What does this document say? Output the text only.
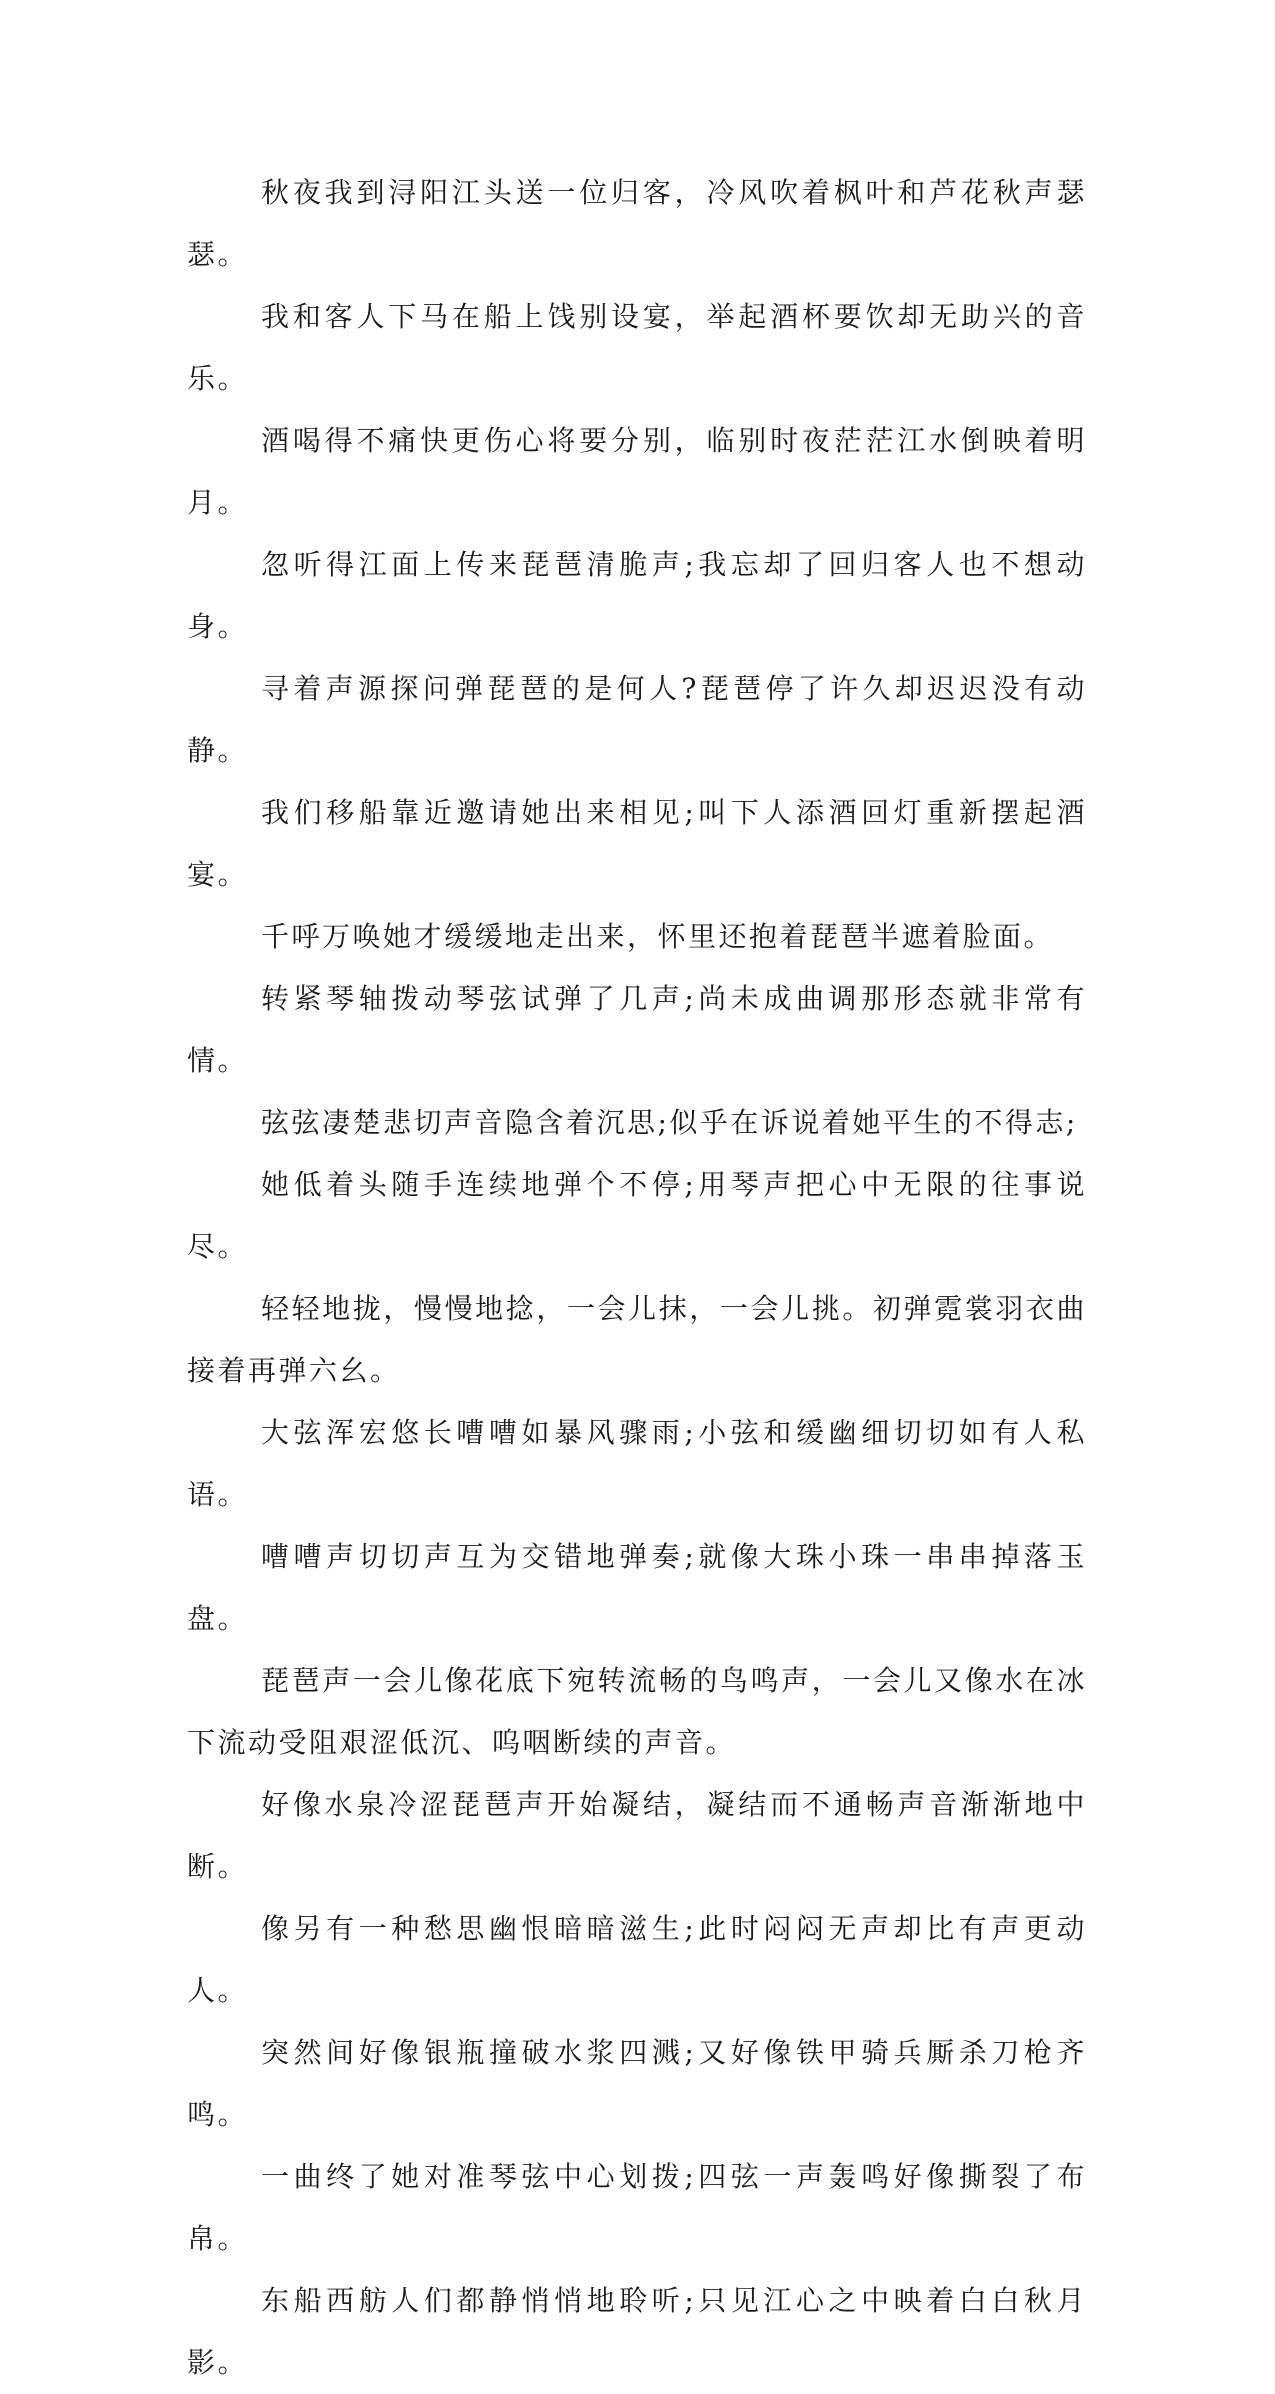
秋夜我到浔阳江头送一位归客，冷风吹着枫叶和芦花秋声瑟瑟。

我和客人下马在船上饯别设宴，举起酒杯要饮却无助兴的音乐。

酒喝得不痛快更伤心将要分别，临别时夜茫茫江水倒映着明月。

忽听得江面上传来琵琶清脆声;我忘却了回归客人也不想动身。

寻着声源探问弹琵琶的是何人?琵琶停了许久却迟迟没有动静。

我们移船靠近邀请她出来相见;叫下人添酒回灯重新摆起酒宴。

千呼万唤她才缓缓地走出来，怀里还抱着琵琶半遮着脸面。

转紧琴轴拨动琴弦试弹了几声;尚未成曲调那形态就非常有情。

弦弦凄楚悲切声音隐含着沉思;似乎在诉说着她平生的不得志;

她低着头随手连续地弹个不停;用琴声把心中无限的往事说尽。

轻轻地拢，慢慢地捻，一会儿抹，一会儿挑。初弹霓裳羽衣曲接着再弹六幺。

大弦浑宏悠长嘈嘈如暴风骤雨;小弦和缓幽细切切如有人私语。

嘈嘈声切切声互为交错地弹奏;就像大珠小珠一串串掉落玉盘。

琵琶声一会儿像花底下宛转流畅的鸟鸣声，一会儿又像水在冰下流动受阻艰涩低沉、呜咽断续的声音。

好像水泉冷涩琵琶声开始凝结，凝结而不通畅声音渐渐地中断。

像另有一种愁思幽恨暗暗滋生;此时闷闷无声却比有声更动人。

突然间好像银瓶撞破水浆四溅;又好像铁甲骑兵厮杀刀枪齐鸣。

一曲终了她对准琴弦中心划拨;四弦一声轰鸣好像撕裂了布帛。

东船西舫人们都静悄悄地聆听;只见江心之中映着白白秋月影。
